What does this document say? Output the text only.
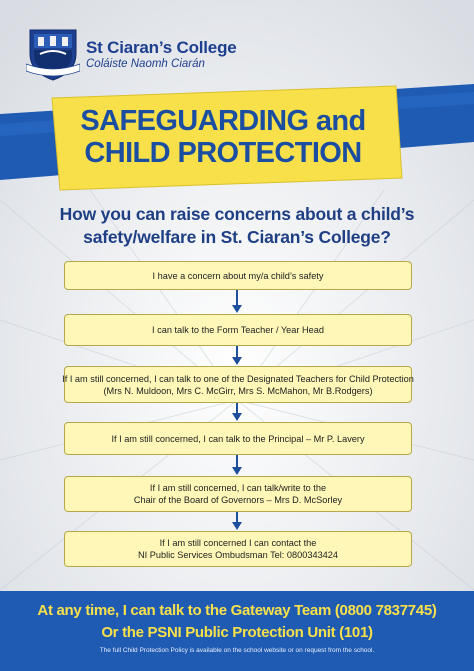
St Ciaran’s College
Coláiste Naomh Ciarán
SAFEGUARDING and
CHILD PROTECTION
How you can raise concerns about a child’s
safety/welfare in St. Ciaran’s College?
I have a concern about my/a child’s safety
I can talk to the Form Teacher / Year Head
If I am still concerned, I can talk to one of the Designated Teachers for Child Protection
(Mrs N. Muldoon, Mrs C. McGirr, Mrs S. McMahon, Mr B.Rodgers)
If I am still concerned, I can talk to the Principal – Mr P. Lavery
If I am still concerned, I can talk/write to the
Chair of the Board of Governors – Mrs D. McSorley
If I am still concerned I can contact the
NI Public Services Ombudsman Tel: 0800343424
At any time, I can talk to the Gateway Team (0800 7837745)
Or the PSNI Public Protection Unit (101)
The full Child Protection Policy is available on the school website or on request from the school.
